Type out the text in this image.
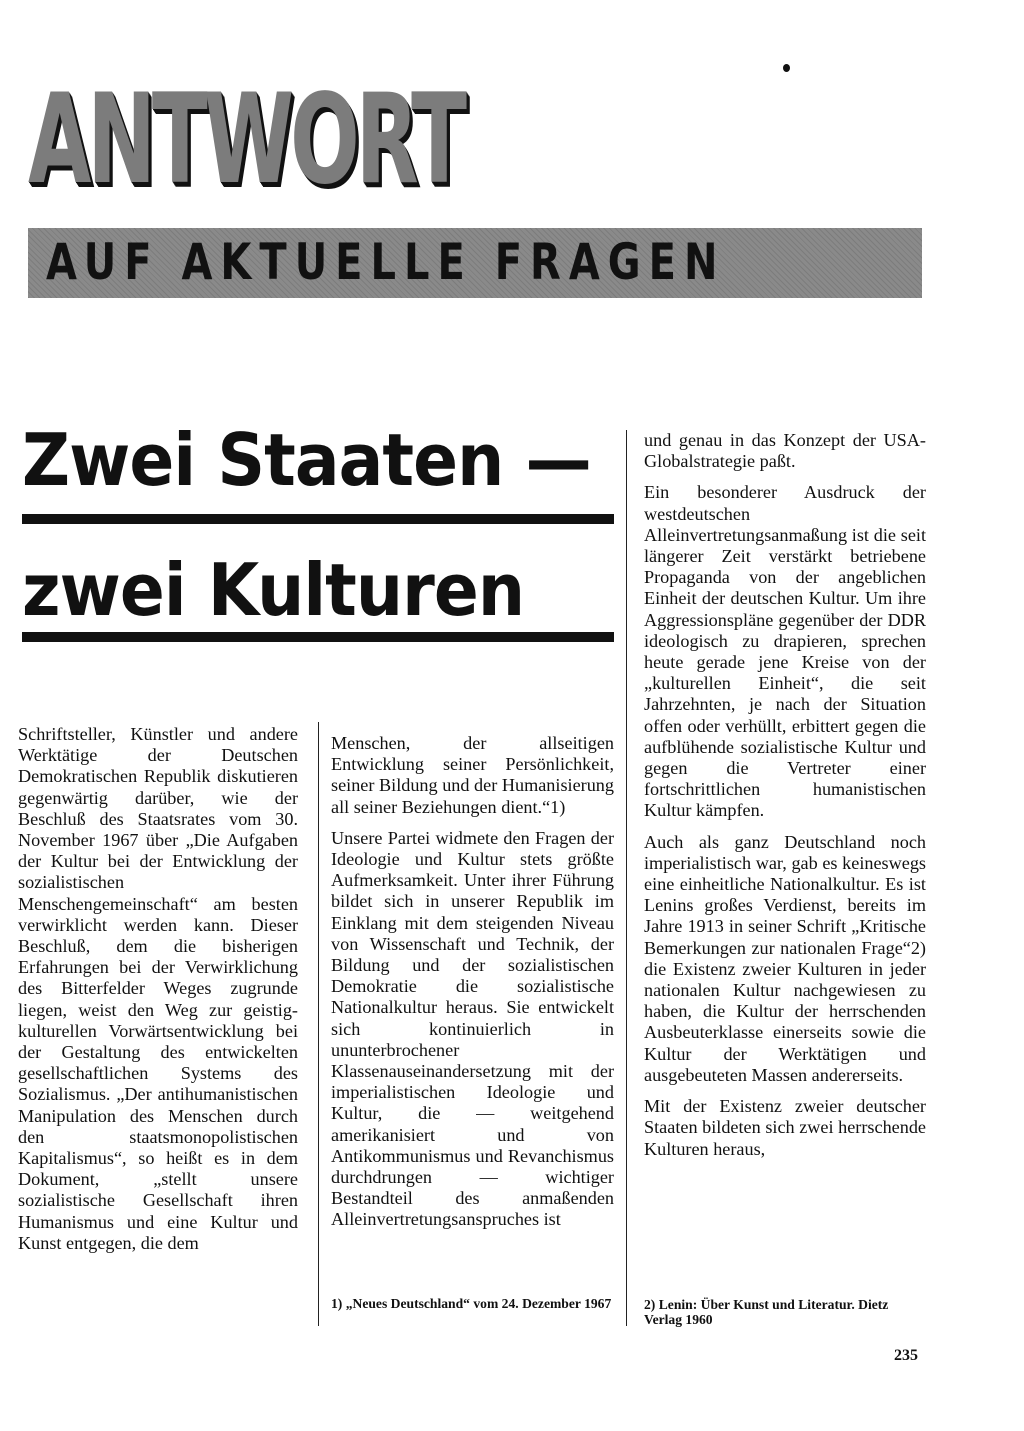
ANTWORT
AUF AKTUELLE FRAGEN
Zwei Staaten —
zwei Kulturen

Schriftsteller, Künstler und andere Werktätige der Deutschen Demokratischen Republik diskutieren gegenwärtig darüber, wie der Beschluß des Staatsrates vom 30. November 1967 über „Die Aufgaben der Kultur bei der Entwicklung der sozialistischen Menschengemeinschaft“ am besten verwirklicht werden kann. Dieser Beschluß, dem die bisherigen Erfahrungen bei der Verwirklichung des Bitterfelder Weges zugrunde liegen, weist den Weg zur geistig-kulturellen Vorwärtsentwicklung bei der Gestaltung des entwickelten gesellschaftlichen Systems des Sozialismus. „Der antihumanistischen Manipulation des Menschen durch den staatsmonopolistischen Kapitalismus“, so heißt es in dem Dokument, „stellt unsere sozialistische Gesellschaft ihren Humanismus und eine Kultur und Kunst entgegen, die dem

Menschen, der allseitigen Entwicklung seiner Persönlichkeit, seiner Bildung und der Humanisierung all seiner Beziehungen dient.“1)

Unsere Partei widmete den Fragen der Ideologie und Kultur stets größte Aufmerksamkeit. Unter ihrer Führung bildet sich in unserer Republik im Einklang mit dem steigenden Niveau von Wissenschaft und Technik, der Bildung und der sozialistischen Demokratie die sozialistische Nationalkultur heraus. Sie entwickelt sich kontinuierlich in ununterbrochener Klassenauseinandersetzung mit der imperialistischen Ideologie und Kultur, die — weitgehend amerikanisiert und von Antikommunismus und Revanchismus durchdrungen — wichtiger Bestandteil des anmaßenden Alleinvertretungsanspruches ist

und genau in das Konzept der USA-Globalstrategie paßt.

Ein besonderer Ausdruck der westdeutschen Alleinvertretungsanmaßung ist die seit längerer Zeit verstärkt betriebene Propaganda von der angeblichen Einheit der deutschen Kultur. Um ihre Aggressionspläne gegenüber der DDR ideologisch zu drapieren, sprechen heute gerade jene Kreise von der „kulturellen Einheit“, die seit Jahrzehnten, je nach der Situation offen oder verhüllt, erbittert gegen die aufblühende sozialistische Kultur und gegen die Vertreter einer fortschrittlichen humanistischen Kultur kämpfen.

Auch als ganz Deutschland noch imperialistisch war, gab es keineswegs eine einheitliche Nationalkultur. Es ist Lenins großes Verdienst, bereits im Jahre 1913 in seiner Schrift „Kritische Bemerkungen zur nationalen Frage“2) die Existenz zweier Kulturen in jeder nationalen Kultur nachgewiesen zu haben, die Kultur der herrschenden Ausbeuterklasse einerseits sowie die Kultur der Werktätigen und ausgebeuteten Massen andererseits.

Mit der Existenz zweier deutscher Staaten bildeten sich zwei herrschende Kulturen heraus,

1) „Neues Deutschland“ vom 24. Dezember 1967 2) Lenin: Über Kunst und Literatur. Dietz Verlag 1960

235
